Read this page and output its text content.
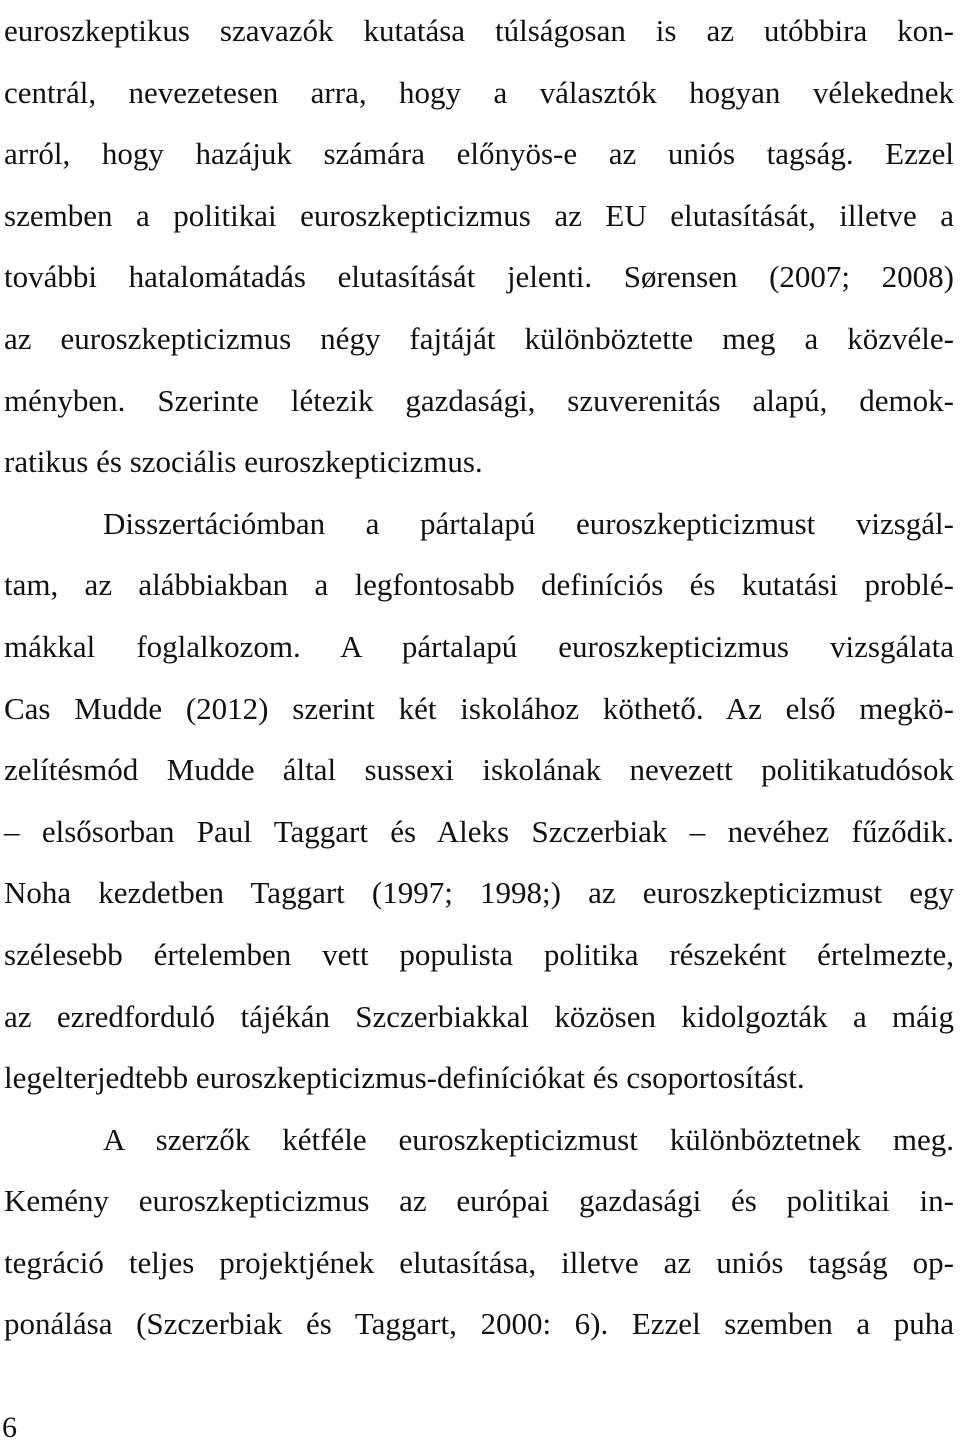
euroszkeptikus szavazók kutatása túlságosan is az utóbbira kon-
centrál, nevezetesen arra, hogy a választók hogyan vélekednek
arról, hogy hazájuk számára előnyös-e az uniós tagság. Ezzel
szemben a politikai euroszkepticizmus az EU elutasítását, illetve a
további hatalomátadás elutasítását jelenti. Sørensen (2007; 2008)
az euroszkepticizmus négy fajtáját különböztette meg a közvéle-
ményben. Szerinte létezik gazdasági, szuverenitás alapú, demok-
ratikus és szociális euroszkepticizmus.
Disszertációmban a pártalapú euroszkepticizmust vizsgál-
tam, az alábbiakban a legfontosabb definíciós és kutatási problé-
mákkal foglalkozom. A pártalapú euroszkepticizmus vizsgálata
Cas Mudde (2012) szerint két iskolához köthető. Az első megkö-
zelítésmód Mudde által sussexi iskolának nevezett politikatudósok
– elsősorban Paul Taggart és Aleks Szczerbiak – nevéhez fűződik.
Noha kezdetben Taggart (1997; 1998;) az euroszkepticizmust egy
szélesebb értelemben vett populista politika részeként értelmezte,
az ezredforduló tájékán Szczerbiakkal közösen kidolgozták a máig
legelterjedtebb euroszkepticizmus-definíciókat és csoportosítást.
A szerzők kétféle euroszkepticizmust különböztetnek meg.
Kemény euroszkepticizmus az európai gazdasági és politikai in-
tegráció teljes projektjének elutasítása, illetve az uniós tagság op-
ponálása (Szczerbiak és Taggart, 2000: 6). Ezzel szemben a puha
6
